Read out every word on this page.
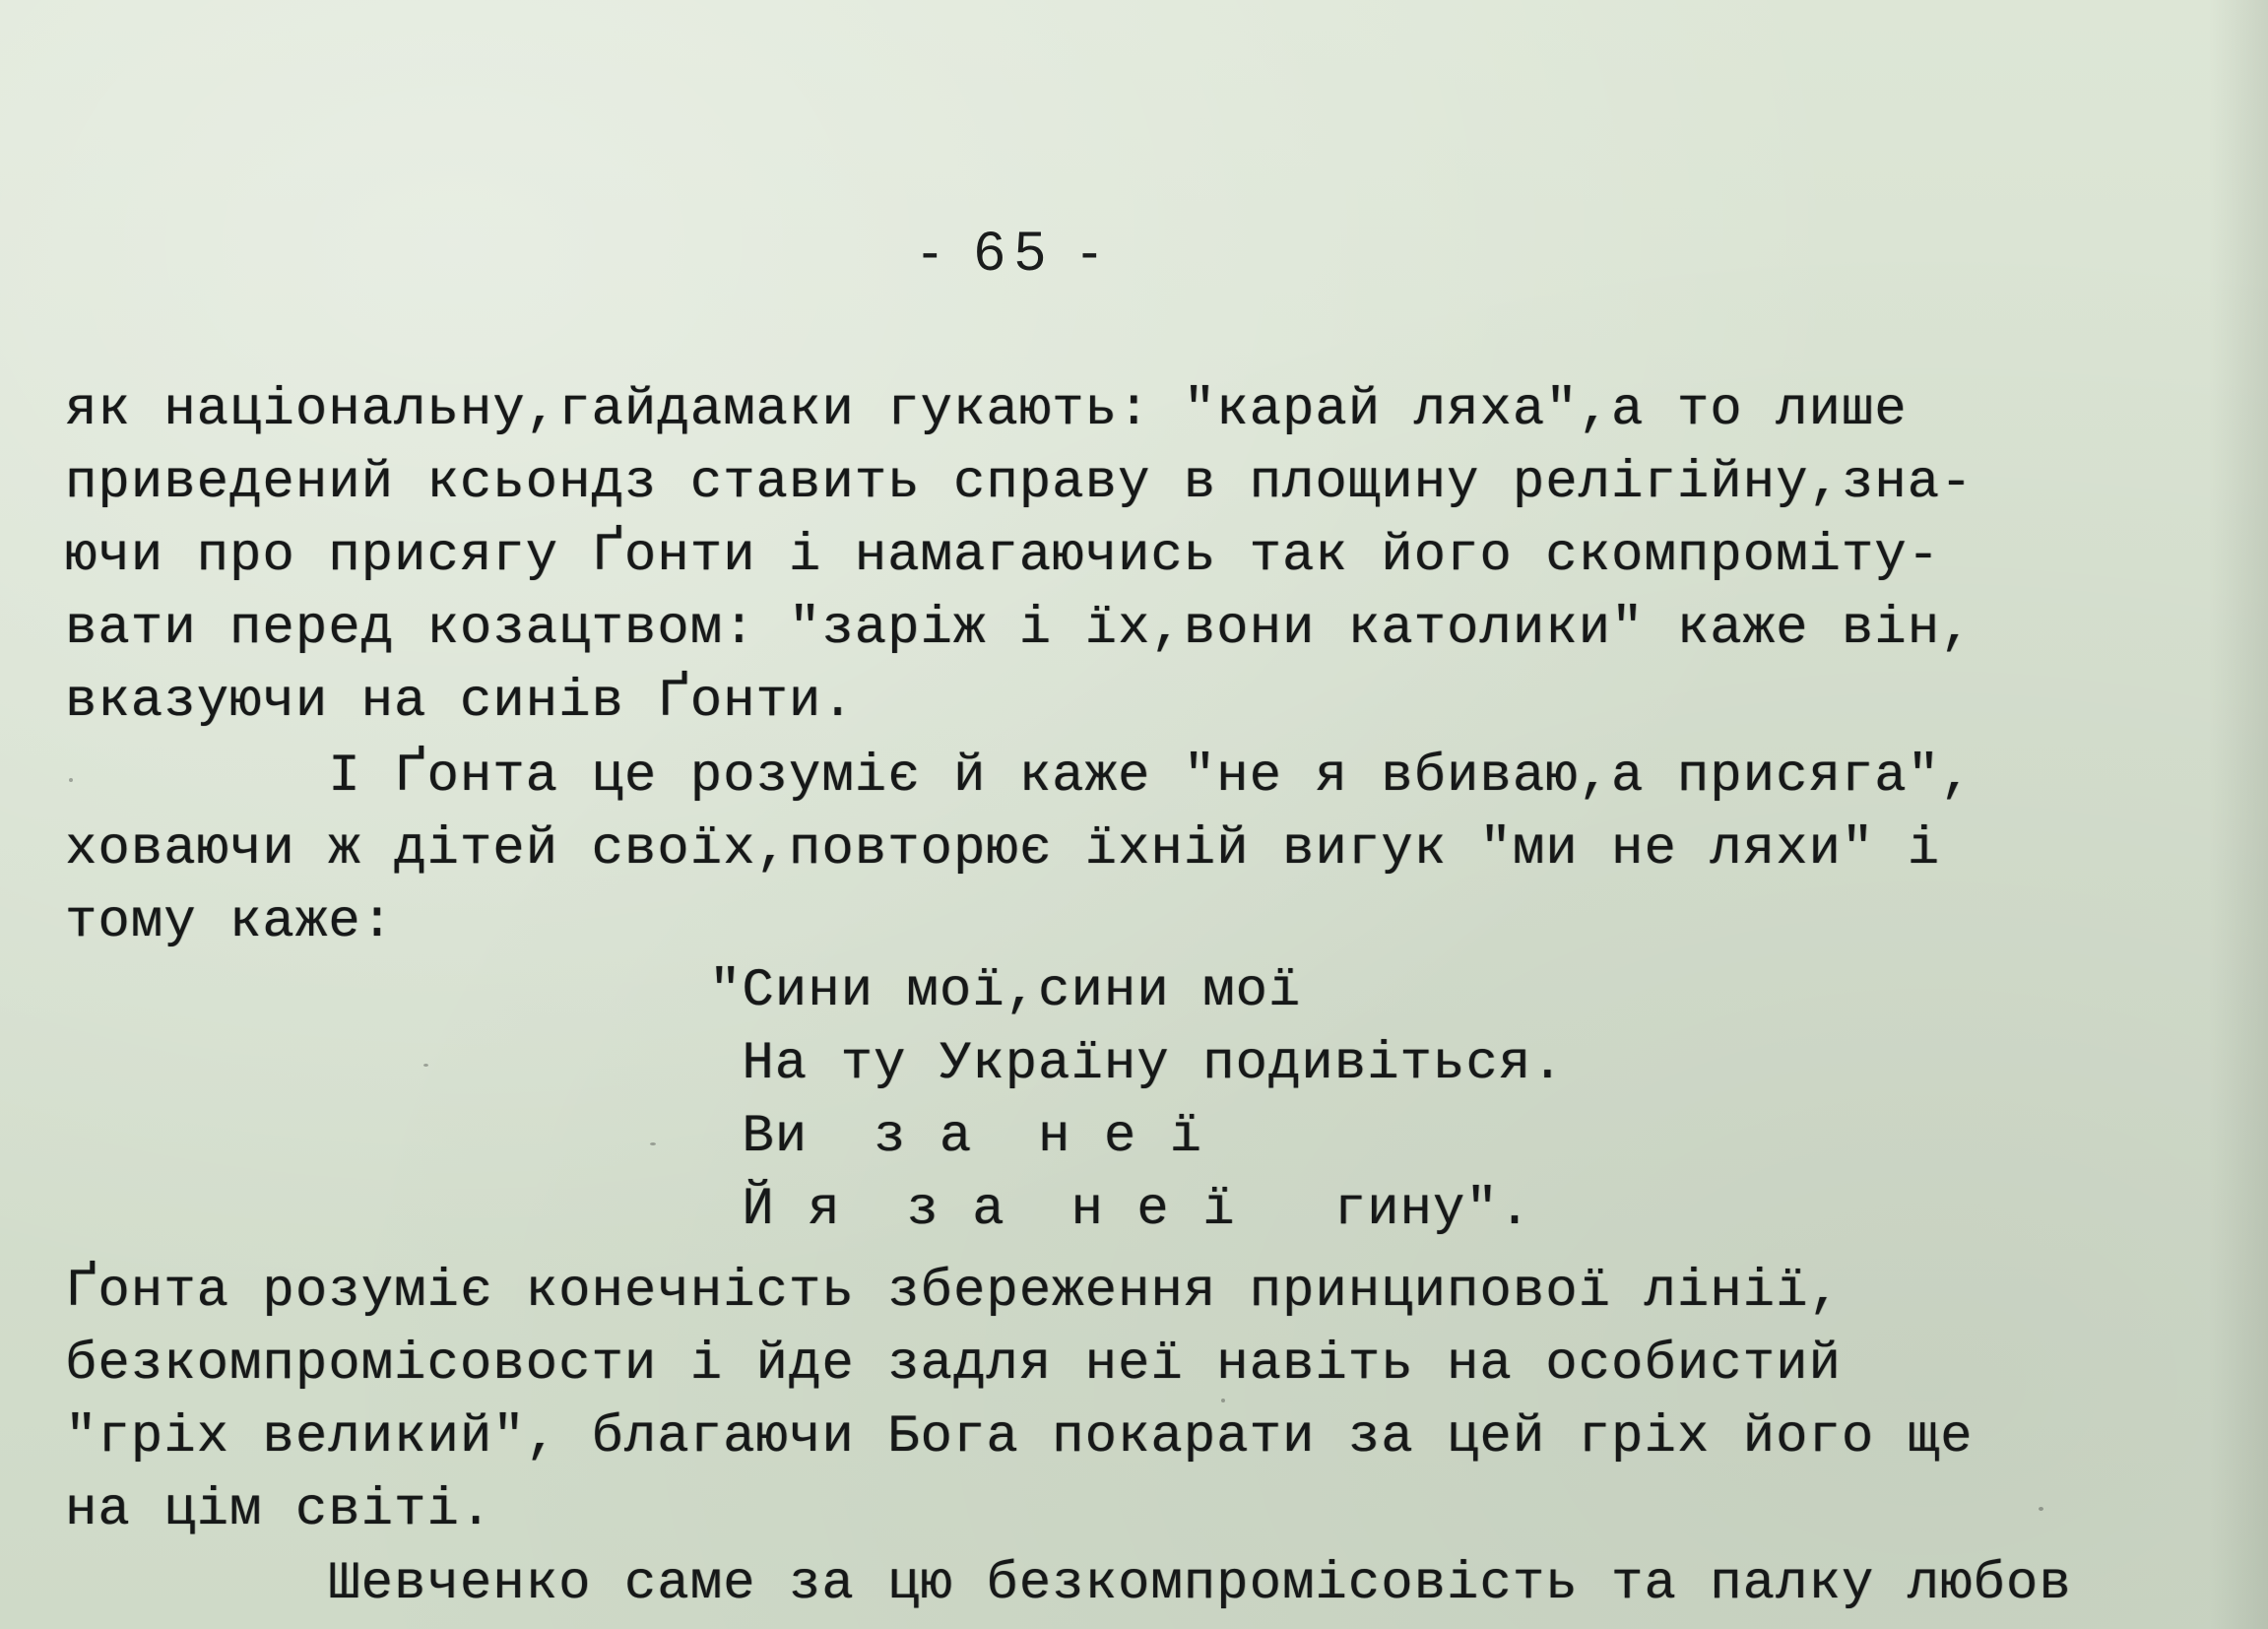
- 65 -

як національну,гайдамаки гукають: "карай ляха",а то лише
приведений ксьондз ставить справу в площину релігійну,зна-
ючи про присягу Ґонти і намагаючись так його скомпроміту-
вати перед козацтвом: "заріж і їх,вони католики" каже він,
вказуючи на синів Ґонти.

І Ґонта це розуміє й каже "не я вбиваю,а присяга",
ховаючи ж дітей своїх,повторює їхній вигук "ми не ляхи" і
тому каже:

"Сини мої,сини мої
На ту Україну подивіться.
Ви  з а  н е ї
Й я  з а  н е ї   гину".

Ґонта розуміє конечність збереження принципової лінії,
безкомпромісовости і йде задля неї навіть на особистий
"гріх великий", благаючи Бога покарати за цей гріх його ще
на цім світі.

Шевченко саме за цю безкомпромісовість та палку любов
